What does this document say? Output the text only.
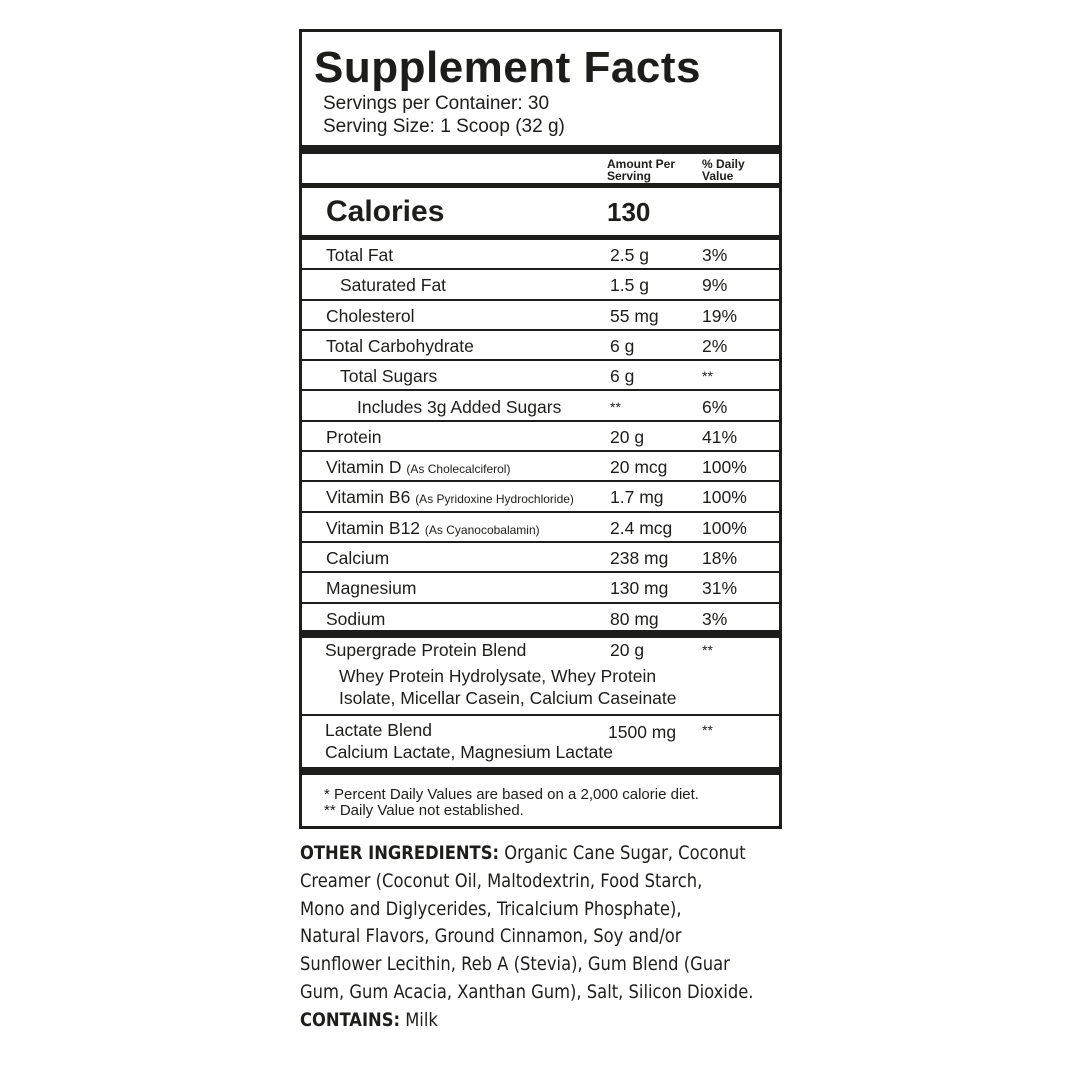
Supplement Facts
Servings per Container: 30
Serving Size: 1 Scoop (32 g)
Amount Per
Serving
% Daily
Value
Calories	130
Total Fat	2.5 g	3%
Saturated Fat	1.5 g	9%
Cholesterol	55 mg 19%
Total Carbohydrate	6 g	2%
Total Sugars	6 g	**
Includes 3g Added Sugars	**	6%
Protein	20 g	41%
Vitamin D (As Cholecalciferol)	20 mcg 100%
Vitamin B6 (As Pyridoxine Hydrochloride) 1.7 mg 100%
Vitamin B12 (As Cyanocobalamin)	2.4 mcg 100%
Calcium	238 mg 18%
Magnesium	130 mg 31%
Sodium	80 mg 3%
Supergrade Protein Blend	20 g	**
Whey Protein Hydrolysate, Whey Protein
Isolate, Micellar Casein, Calcium Caseinate
Lactate Blend	1500 mg **
Calcium Lactate, Magnesium Lactate
* Percent Daily Values are based on a 2,000 calorie diet.
** Daily Value not established.
OTHER INGREDIENTS: Organic Cane Sugar, Coconut
Creamer (Coconut Oil, Maltodextrin, Food Starch,
Mono and Diglycerides, Tricalcium Phosphate),
Natural Flavors, Ground Cinnamon, Soy and/or
Sunflower Lecithin, Reb A (Stevia), Gum Blend (Guar
Gum, Gum Acacia, Xanthan Gum), Salt, Silicon Dioxide.
CONTAINS: Milk
